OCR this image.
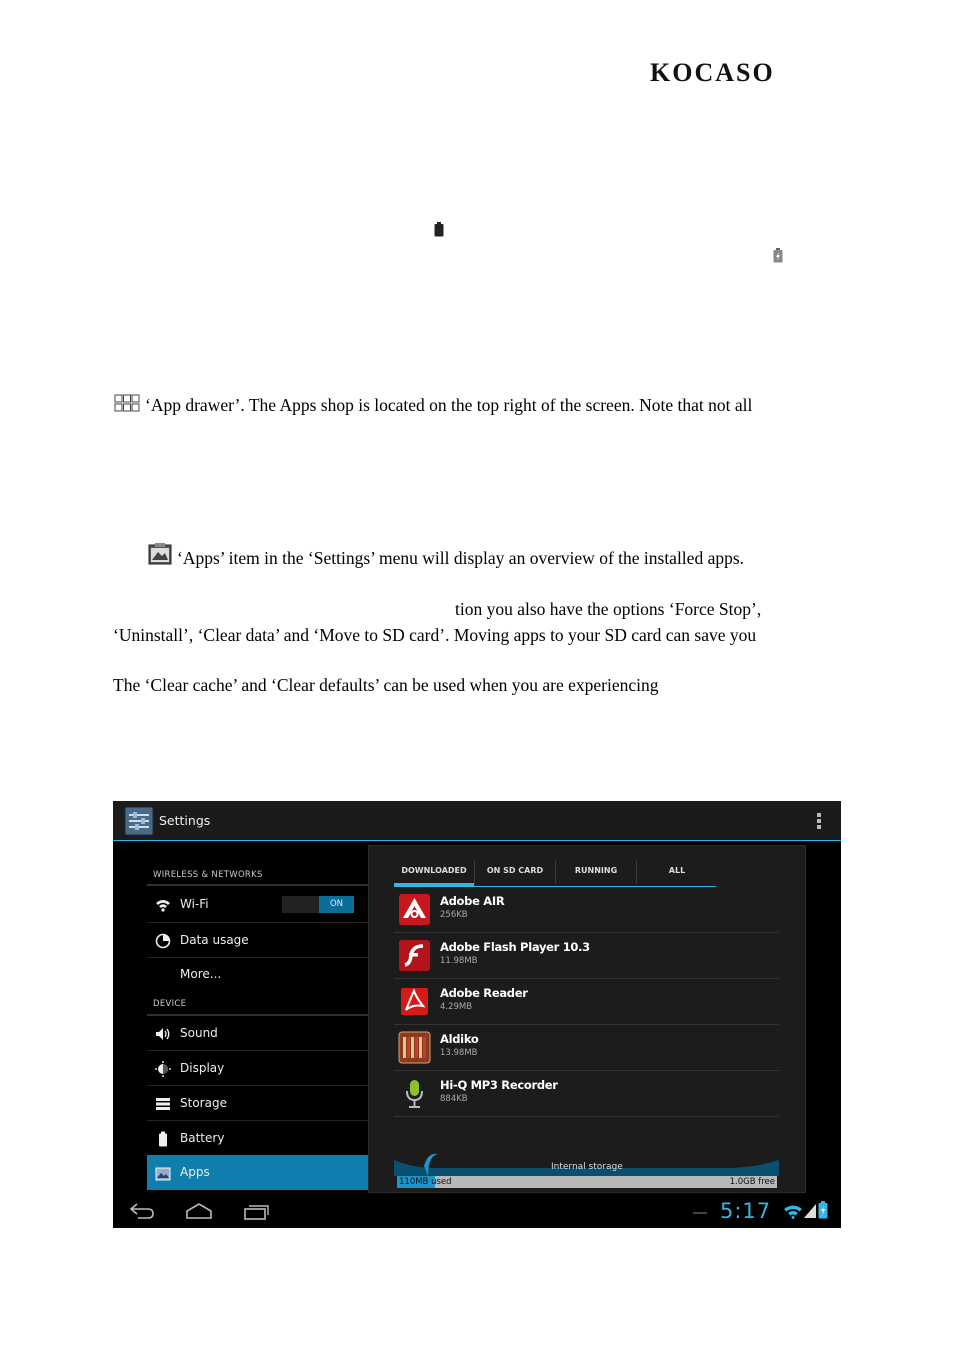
KOCASO
‘App drawer’. The Apps shop is located on the top right of the screen. Note that not all
‘Apps’ item in the ‘Settings’ menu will display an overview of the installed apps.
tion you also have the options ‘Force Stop’,
‘Uninstall’, ‘Clear data’ and ‘Move to SD card’. Moving apps to your SD card can save you
The ‘Clear cache’ and ‘Clear defaults’ can be used when you are experiencing
Settings
WIRELESS & NETWORKS
Wi-Fi
Data usage
More...
DEVICE
Sound
Display
Storage
Battery
Apps
ON
DOWNLOADED	ON SD CARD	RUNNING	ALL
Adobe AIR
256KB
Adobe Flash Player 10.3
11.98MB
Adobe Reader
4.29MB
Aldiko
13.98MB
Hi-Q MP3 Recorder
884KB
Internal storage
110MB used	1.0GB free
5:17
